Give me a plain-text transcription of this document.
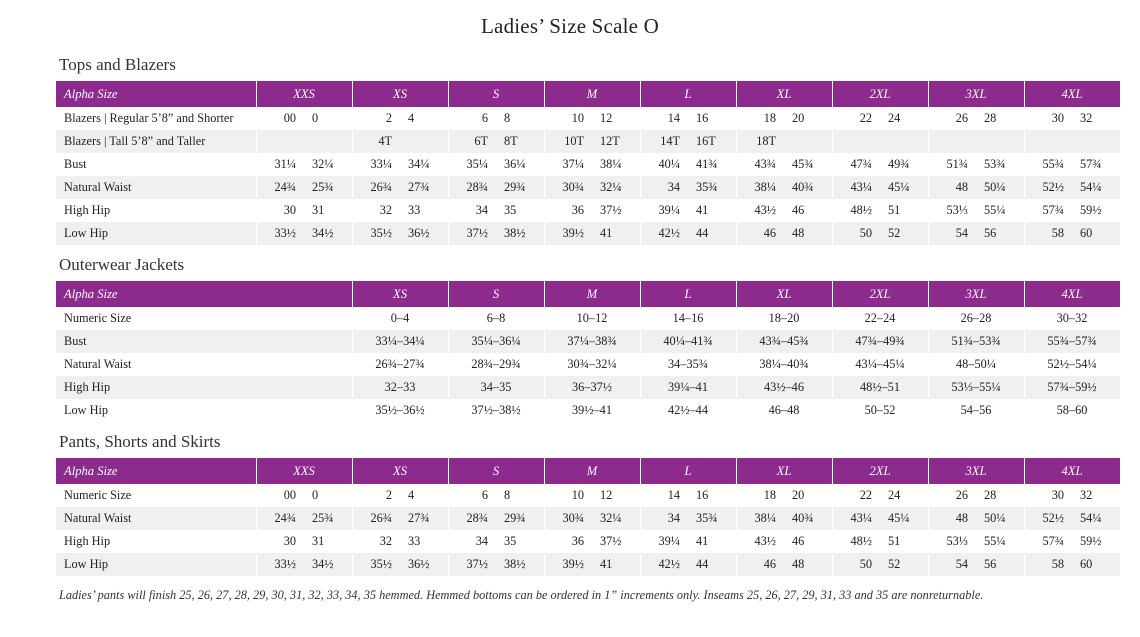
Ladies’ Size Scale O
Tops and Blazers
Alpha Size	XXS	XS	S	M	L	XL	2XL	3XL	4XL
Blazers | Regular 5’8” and Shorter	00 0	2 4	6 8	10 12	14 16	18 20	22 24	26 28	30 32

Blazers | Tall 5’8” and Taller		4T	6T 8T	10T 12T	14T 16T	18T			

Bust	31¼ 32¼	33¼ 34¼	35¼ 36¼	37¼ 38¼	40¼ 41¾	43¾ 45¾	47¾ 49¾	51¾ 53¾	55¾ 57¾

Natural Waist	24¾ 25¾	26¾ 27¾	28¾ 29¾	30¾ 32¼	34 35¾	38¼ 40¾	43¼ 45¼	48 50¼	52½ 54¼

High Hip	30 31	32 33	34 35	36 37½	39¼ 41	43½ 46	48½ 51	53⅓ 55¼	57¾ 59½

Low Hip	33½ 34½	35½ 36½	37½ 38½	39½ 41	42½ 44	46 48	50 52	54 56	58 60
Outerwear Jackets
Alpha Size	XS	S	M	L	XL	2XL	3XL	4XL
Numeric Size	0–4	6–8	10–12	14–16	18–20	22–24	26–28	30–32
Bust	33¼–34¼	35¼–36¼	37¼–38¾	40¼–41¾	43¾–45¾	47¾–49¾	51¾–53¾	55¾–57¾
Natural Waist	26¾–27¾	28¾–29¾	30¾–32¼	34–35¾	38¼–40¾	43¼–45¼	48–50¼	52½–54¼
High Hip	32–33	34–35	36–37½	39¼–41	43½–46	48½–51	53⅓–55¼	57¾–59½
Low Hip	35½–36½	37½–38½	39½–41	42½–44	46–48	50–52	54–56	58–60
Pants, Shorts and Skirts
Alpha Size	XXS	XS	S	M	L	XL	2XL	3XL	4XL
Numeric Size	00 0	2 4	6 8	10 12	14 16	18 20	22 24	26 28	30 32

Natural Waist	24¾ 25¾	26¾ 27¾	28¾ 29¾	30¾ 32¼	34 35¾	38¼ 40¾	43¼ 45¼	48 50¼	52½ 54¼

High Hip	30 31	32 33	34 35	36 37½	39¼ 41	43½ 46	48½ 51	53⅓ 55¼	57¾ 59½

Low Hip	33½ 34½	35½ 36½	37½ 38½	39½ 41	42½ 44	46 48	50 52	54 56	58 60
Ladies’ pants will finish 25, 26, 27, 28, 29, 30, 31, 32, 33, 34, 35 hemmed. Hemmed bottoms can be ordered in 1” increments only. Inseams 25, 26, 27, 29, 31, 33 and 35 are nonreturnable.
